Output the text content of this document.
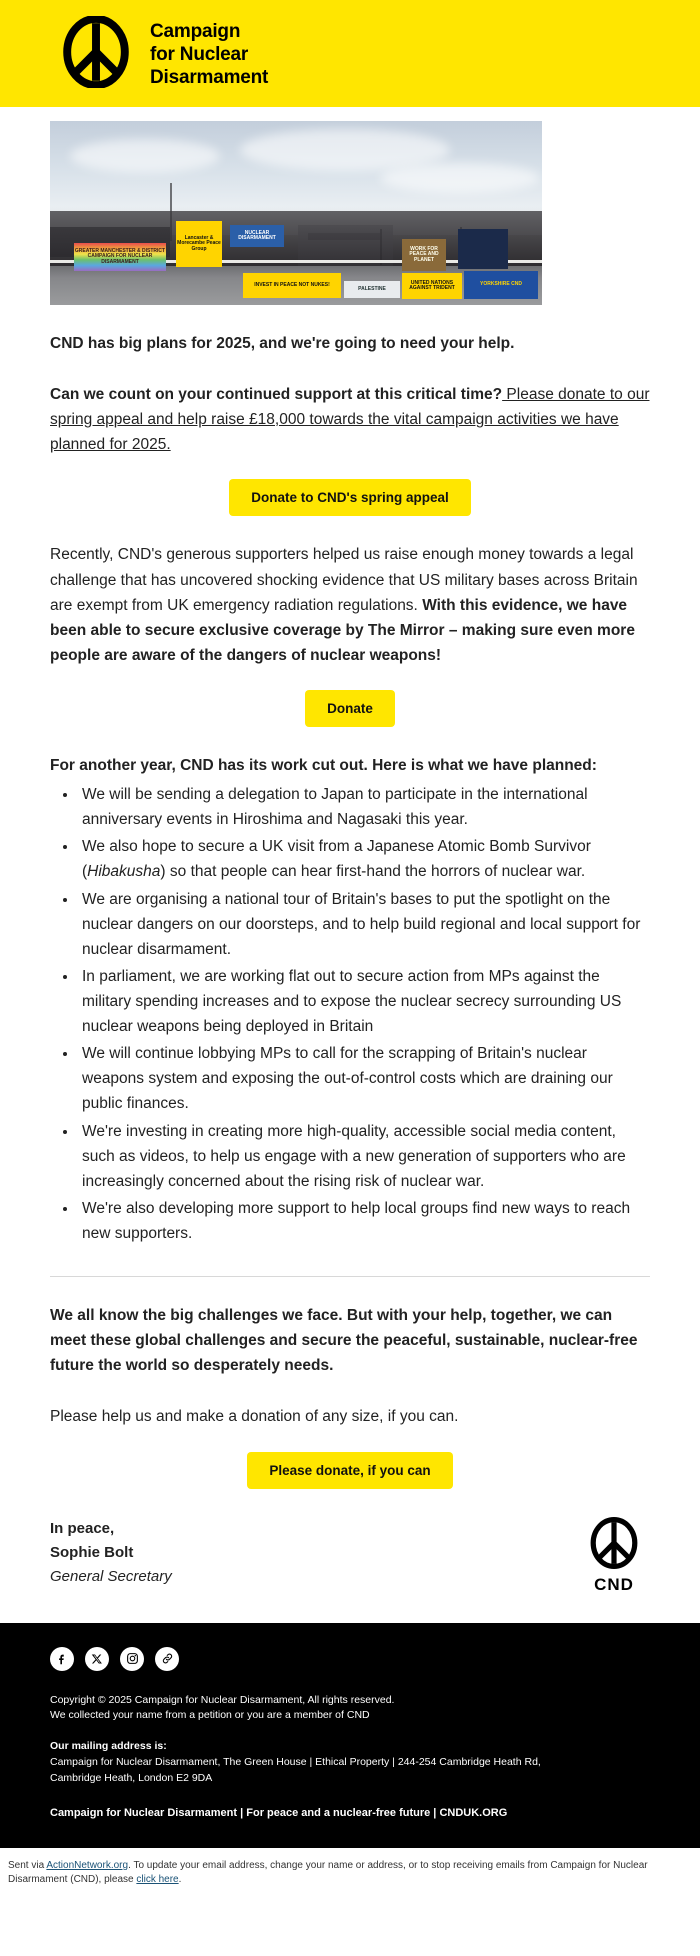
Campaign
for Nuclear
Disarmament
GREATER MANCHESTER & DISTRICT CAMPAIGN FOR NUCLEAR DISARMAMENT
Lancaster & Morecambe Peace Group
NUCLEAR DISARMAMENT
INVEST IN PEACE NOT NUKES!
PALESTINE
UNITED NATIONS AGAINST TRIDENT
WORK FOR PEACE AND PLANET
YORKSHIRE CND

CND has big plans for 2025, and we're going to need your help.

Can we count on your continued support at this critical time? Please donate to our spring appeal and help raise £18,000 towards the vital campaign activities we have planned for 2025.

Donate to CND's spring appeal

Recently, CND's generous supporters helped us raise enough money towards a legal challenge that has uncovered shocking evidence that US military bases across Britain are exempt from UK emergency radiation regulations. With this evidence, we have been able to secure exclusive coverage by The Mirror – making sure even more people are aware of the dangers of nuclear weapons!

Donate

For another year, CND has its work cut out. Here is what we have planned:

• We will be sending a delegation to Japan to participate in the international anniversary events in Hiroshima and Nagasaki this year.
• We also hope to secure a UK visit from a Japanese Atomic Bomb Survivor (Hibakusha) so that people can hear first-hand the horrors of nuclear war.
• We are organising a national tour of Britain's bases to put the spotlight on the nuclear dangers on our doorsteps, and to help build regional and local support for nuclear disarmament.
• In parliament, we are working flat out to secure action from MPs against the military spending increases and to expose the nuclear secrecy surrounding US nuclear weapons being deployed in Britain
• We will continue lobbying MPs to call for the scrapping of Britain's nuclear weapons system and exposing the out-of-control costs which are draining our public finances.
• We're investing in creating more high-quality, accessible social media content, such as videos, to help us engage with a new generation of supporters who are increasingly concerned about the rising risk of nuclear war.
• We're also developing more support to help local groups find new ways to reach new supporters.

We all know the big challenges we face. But with your help, together, we can meet these global challenges and secure the peaceful, sustainable, nuclear-free future the world so desperately needs.

Please help us and make a donation of any size, if you can.

Please donate, if you can
In peace,
Sophie Bolt
General Secretary	CND

Copyright © 2025 Campaign for Nuclear Disarmament, All rights reserved.

We collected your name from a petition or you are a member of CND

Our mailing address is:

Campaign for Nuclear Disarmament, The Green House | Ethical Property | 244-254 Cambridge Heath Rd,

Cambridge Heath, London E2 9DA

Campaign for Nuclear Disarmament | For peace and a nuclear-free future | CNDUK.ORG

Sent via ActionNetwork.org. To update your email address, change your name or address, or to stop receiving emails from Campaign for Nuclear Disarmament (CND), please click here.
